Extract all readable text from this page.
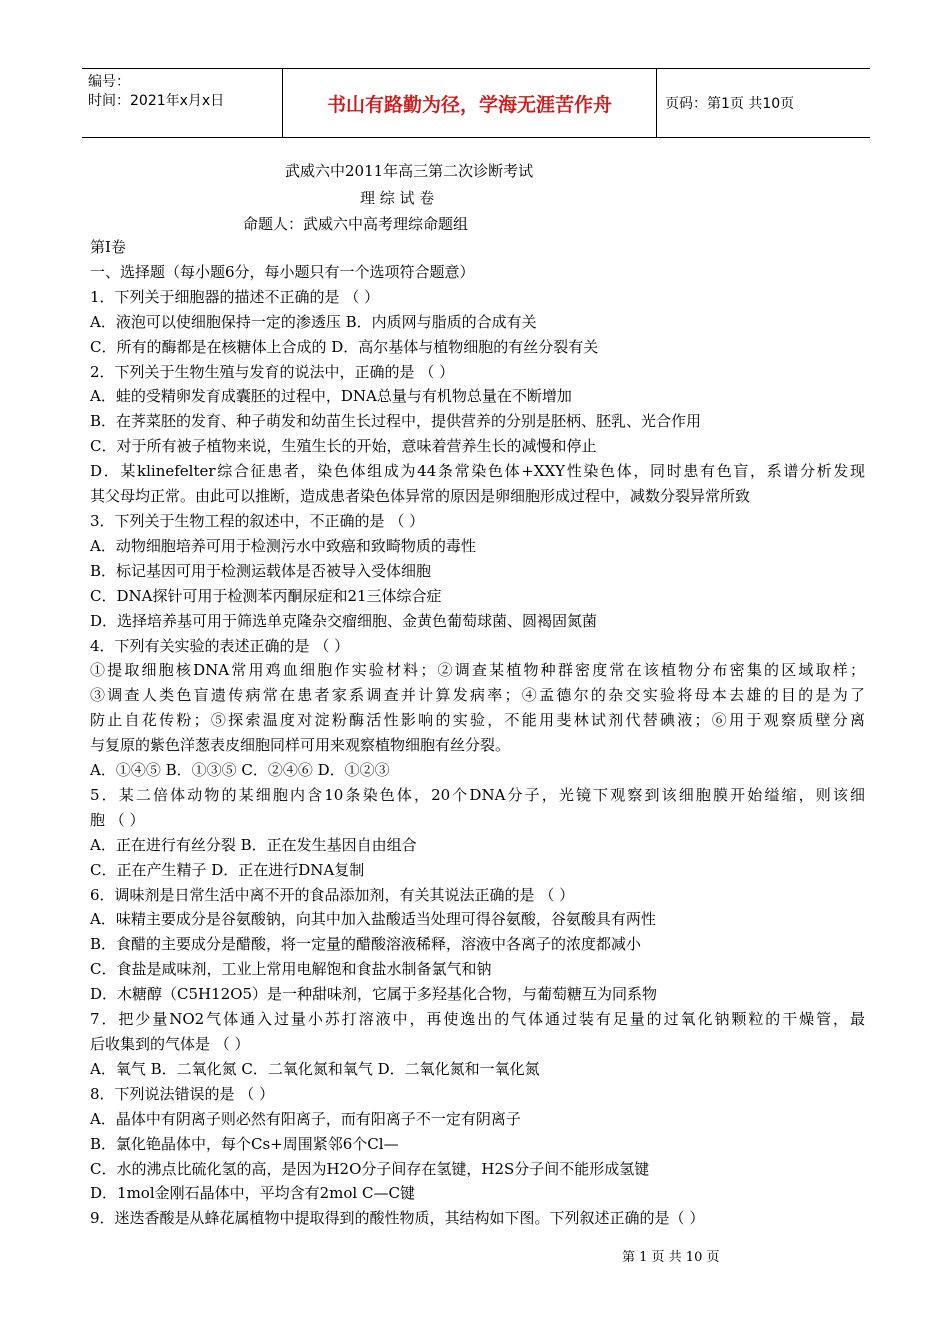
编号：
时间：2021年x月x日	书山有路勤为径，学海无涯苦作舟	页码：第1页 共10页
武威六中2011年高三第二次诊断考试
理 综 试 卷
命题人：武威六中高考理综命题组
第Ⅰ卷
一、选择题（每小题6分，每小题只有一个选项符合题意）
1．下列关于细胞器的描述不正确的是 （ ）
A．液泡可以使细胞保持一定的渗透压 B．内质网与脂质的合成有关
C．所有的酶都是在核糖体上合成的 D．高尔基体与植物细胞的有丝分裂有关
2．下列关于生物生殖与发育的说法中，正确的是 （ ）
A．蛙的受精卵发育成囊胚的过程中，DNA总量与有机物总量在不断增加
B．在荠菜胚的发育、种子萌发和幼苗生长过程中，提供营养的分别是胚柄、胚乳、光合作用
C．对于所有被子植物来说，生殖生长的开始，意味着营养生长的减慢和停止
D．某klinefelter综合征患者，染色体组成为44条常染色体+XXY性染色体，同时患有色盲，系谱分析发现
其父母均正常。由此可以推断，造成患者染色体异常的原因是卵细胞形成过程中，减数分裂异常所致
3．下列关于生物工程的叙述中，不正确的是 （ ）
A．动物细胞培养可用于检测污水中致癌和致畸物质的毒性
B．标记基因可用于检测运载体是否被导入受体细胞
C．DNA探针可用于检测苯丙酮尿症和21三体综合症
D．选择培养基可用于筛选单克隆杂交瘤细胞、金黄色葡萄球菌、圆褐固氮菌
4．下列有关实验的表述正确的是 （ ）
①提取细胞核DNA常用鸡血细胞作实验材料；②调查某植物种群密度常在该植物分布密集的区域取样；
③调查人类色盲遗传病常在患者家系调查并计算发病率；④孟德尔的杂交实验将母本去雄的目的是为了
防止自花传粉；⑤探索温度对淀粉酶活性影响的实验，不能用斐林试剂代替碘液；⑥用于观察质壁分离
与复原的紫色洋葱表皮细胞同样可用来观察植物细胞有丝分裂。
A．①④⑤ B．①③⑤ C．②④⑥ D．①②③
5．某二倍体动物的某细胞内含10条染色体，20个DNA分子，光镜下观察到该细胞膜开始缢缩，则该细
胞 （ ）
A．正在进行有丝分裂 B．正在发生基因自由组合
C．正在产生精子 D．正在进行DNA复制
6．调味剂是日常生活中离不开的食品添加剂，有关其说法正确的是 （ ）
A．味精主要成分是谷氨酸钠，向其中加入盐酸适当处理可得谷氨酸，谷氨酸具有两性
B．食醋的主要成分是醋酸，将一定量的醋酸溶液稀释，溶液中各离子的浓度都减小
C．食盐是咸味剂，工业上常用电解饱和食盐水制备氯气和钠
D．木糖醇（C5H12O5）是一种甜味剂，它属于多羟基化合物，与葡萄糖互为同系物
7．把少量NO2气体通入过量小苏打溶液中，再使逸出的气体通过装有足量的过氧化钠颗粒的干燥管，最
后收集到的气体是 （ ）
A．氧气 B．二氧化氮 C．二氧化氮和氧气 D．二氧化氮和一氧化氮
8．下列说法错误的是 （ ）
A．晶体中有阴离子则必然有阳离子，而有阳离子不一定有阴离子
B．氯化铯晶体中，每个Cs+周围紧邻6个Cl—
C．水的沸点比硫化氢的高，是因为H2O分子间存在氢键，H2S分子间不能形成氢键
D．1mol金刚石晶体中，平均含有2mol C—C键
9．迷迭香酸是从蜂花属植物中提取得到的酸性物质，其结构如下图。下列叙述正确的是（ ）
第 1 页 共 10 页
